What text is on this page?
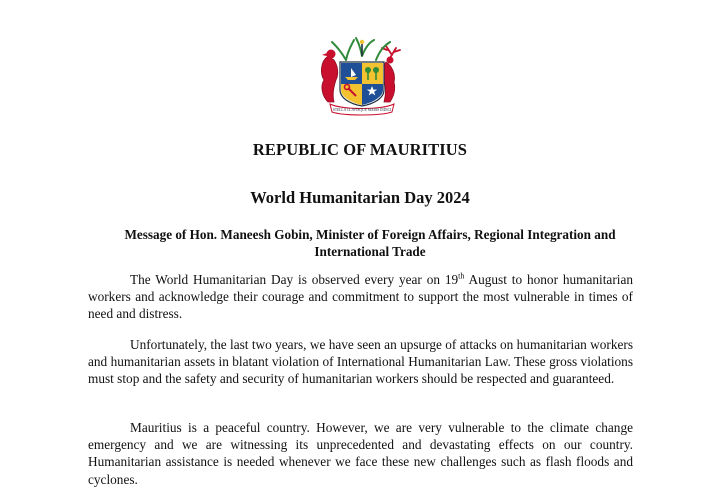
STELLA CLAVISQUE MARIS INDICI
REPUBLIC OF MAURITIUS
World Humanitarian Day 2024
Message of Hon. Maneesh Gobin, Minister of Foreign Affairs, Regional Integration and International Trade

The World Humanitarian Day is observed every year on 19th August to honor humanitarian workers and acknowledge their courage and commitment to support the most vulnerable in times of need and distress.

Unfortunately, the last two years, we have seen an upsurge of attacks on humanitarian workers and humanitarian assets in blatant violation of International Humanitarian Law. These gross violations must stop and the safety and security of humanitarian workers should be respected and guaranteed.

Mauritius is a peaceful country. However, we are very vulnerable to the climate change emergency and we are witnessing its unprecedented and devastating effects on our country. Humanitarian assistance is needed whenever we face these new challenges such as flash floods and cyclones.
